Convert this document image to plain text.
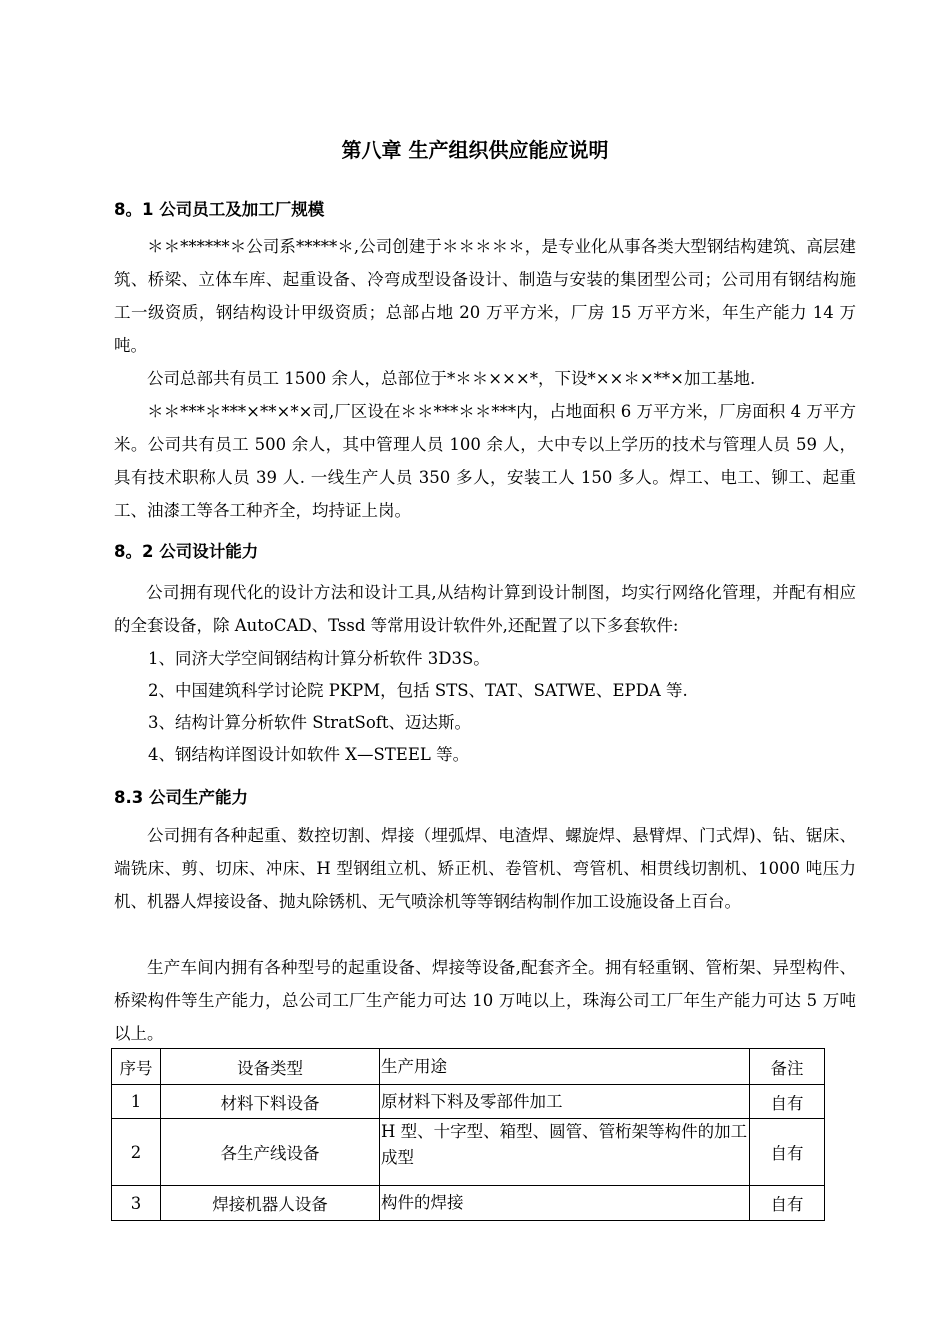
第八章 生产组织供应能应说明
8。1 公司员工及加工厂规模
＊＊******＊公司系*****＊,公司创建于＊＊＊＊＊，是专业化从事各类大型钢结构建筑、高层建筑、桥梁、立体车库、起重设备、冷弯成型设备设计、制造与安装的集团型公司；公司用有钢结构施工一级资质，钢结构设计甲级资质；总部占地 20 万平方米，厂房 15 万平方米，年生产能力 14 万吨。
公司总部共有员工 1500 余人，总部位于*＊＊×××*，下设*××＊×**×加工基地.
＊＊***＊***×**×*×司,厂区设在＊＊***＊＊***内，占地面积 6 万平方米，厂房面积 4 万平方米。公司共有员工 500 余人，其中管理人员 100 余人，大中专以上学历的技术与管理人员 59 人，具有技术职称人员 39 人. 一线生产人员 350 多人，安装工人 150 多人。焊工、电工、铆工、起重工、油漆工等各工种齐全，均持证上岗。
8。2 公司设计能力
公司拥有现代化的设计方法和设计工具,从结构计算到设计制图，均实行网络化管理，并配有相应的全套设备，除 AutoCAD、Tssd 等常用设计软件外,还配置了以下多套软件:
1、同济大学空间钢结构计算分析软件 3D3S。
2、中国建筑科学讨论院 PKPM，包括 STS、TAT、SATWE、EPDA 等.
3、结构计算分析软件 StratSoft、迈达斯。
4、钢结构详图设计如软件 X—STEEL 等。
8.3 公司生产能力
公司拥有各种起重、数控切割、焊接（埋弧焊、电渣焊、螺旋焊、悬臂焊、门式焊)、钻、锯床、端铣床、剪、切床、冲床、H 型钢组立机、矫正机、卷管机、弯管机、相贯线切割机、1000 吨压力机、机器人焊接设备、抛丸除锈机、无气喷涂机等等钢结构制作加工设施设备上百台。
生产车间内拥有各种型号的起重设备、焊接等设备,配套齐全。拥有轻重钢、管桁架、异型构件、桥梁构件等生产能力，总公司工厂生产能力可达 10 万吨以上，珠海公司工厂年生产能力可达 5 万吨以上。
序号	设备类型	生产用途	备注
1	材料下料设备	原材料下料及零部件加工	自有
2	各生产线设备	H 型、十字型、箱型、圆管、管桁架等构件的加工成型	自有
3	焊接机器人设备	构件的焊接	自有
